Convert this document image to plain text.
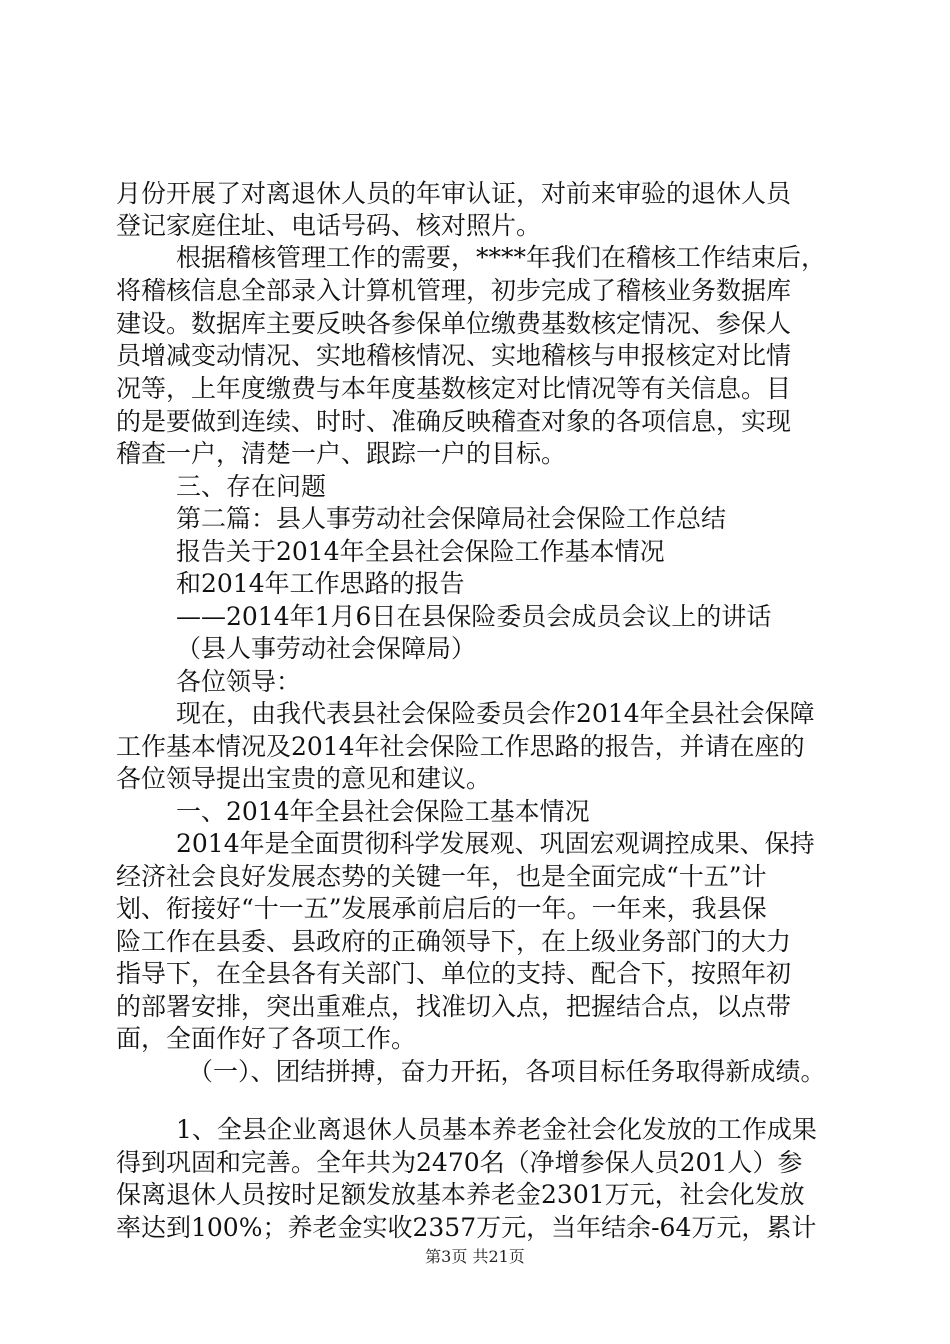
月份开展了对离退休人员的年审认证，对前来审验的退休人员
登记家庭住址、电话号码、核对照片。
根据稽核管理工作的需要，****年我们在稽核工作结束后，
将稽核信息全部录入计算机管理，初步完成了稽核业务数据库
建设。数据库主要反映各参保单位缴费基数核定情况、参保人
员增减变动情况、实地稽核情况、实地稽核与申报核定对比情
况等，上年度缴费与本年度基数核定对比情况等有关信息。目
的是要做到连续、时时、准确反映稽查对象的各项信息，实现
稽查一户，清楚一户、跟踪一户的目标。
三、存在问题
第二篇：县人事劳动社会保障局社会保险工作总结
报告关于2014年全县社会保险工作基本情况
和2014年工作思路的报告
——2014年1月6日在县保险委员会成员会议上的讲话
（县人事劳动社会保障局）
各位领导：
现在，由我代表县社会保险委员会作2014年全县社会保障
工作基本情况及2014年社会保险工作思路的报告，并请在座的
各位领导提出宝贵的意见和建议。
一、2014年全县社会保险工基本情况
2014年是全面贯彻科学发展观、巩固宏观调控成果、保持
经济社会良好发展态势的关键一年，也是全面完成“十五”计
划、衔接好“十一五”发展承前启后的一年。一年来，我县保
险工作在县委、县政府的正确领导下，在上级业务部门的大力
指导下，在全县各有关部门、单位的支持、配合下，按照年初
的部署安排，突出重难点，找准切入点，把握结合点，以点带
面，全面作好了各项工作。
（一）、团结拼搏，奋力开拓，各项目标任务取得新成绩。
1、全县企业离退休人员基本养老金社会化发放的工作成果
得到巩固和完善。全年共为2470名（净增参保人员201人）参
保离退休人员按时足额发放基本养老金2301万元，社会化发放
率达到100%；养老金实收2357万元，当年结余-64万元，累计
第3页 共21页
